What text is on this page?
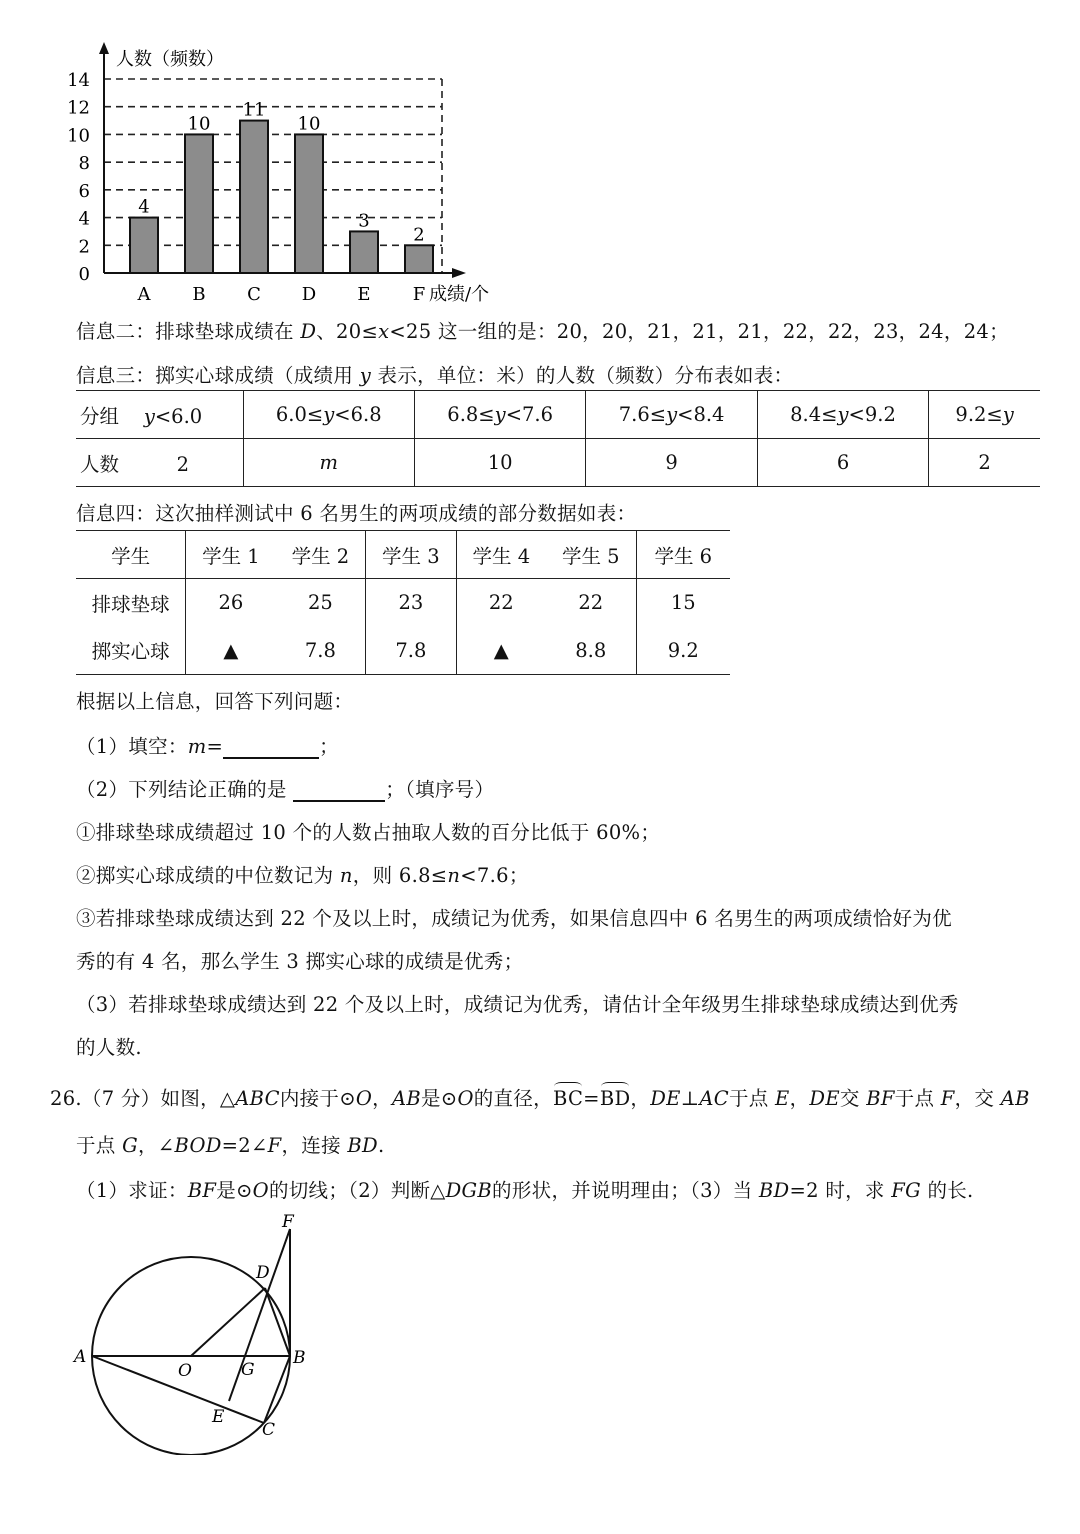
0
2
4
6
8
10
12
14
人数（频数）
4
A
10
B
11
C
10
D
3
E
2
F 成绩/个
信息二：排球垫球成绩在 D、20≤x<25 这一组的是：20，20，21，21，21，22，22，23，24，24；
信息三：掷实心球成绩（成绩用 y 表示，单位：米）的人数（频数）分布表如表：
分组 y<6.0	6.0≤y<6.8	6.8≤y<7.6	7.6≤y<8.4	8.4≤y<9.2	9.2≤y
人数 2	m	10	9	6	2
信息四：这次抽样测试中 6 名男生的两项成绩的部分数据如表：
学生	学生 1	学生 2	学生 3	学生 4	学生 5	学生 6
排球垫球	26	25	23	22	22	15
掷实心球	▲	7.8	7.8	▲	8.8	9.2
根据以上信息，回答下列问题：
（1）填空：m=	；
（2）下列结论正确的是	；（填序号）
①排球垫球成绩超过 10 个的人数占抽取人数的百分比低于 60%；
②掷实心球成绩的中位数记为 n，则 6.8≤n<7.6；
③若排球垫球成绩达到 22 个及以上时，成绩记为优秀，如果信息四中 6 名男生的两项成绩恰好为优
秀的有 4 名，那么学生 3 掷实心球的成绩是优秀；
（3）若排球垫球成绩达到 22 个及以上时，成绩记为优秀，请估计全年级男生排球垫球成绩达到优秀
的人数.
26.（7 分）如图，△ABC内接于⊙O，AB是⊙O的直径，BC=BD，DE⊥AC于点 E，DE交 BF于点 F，交 AB
于点 G，∠BOD=2∠F，连接 BD.
（1）求证：BF是⊙O的切线；（2）判断△DGB的形状，并说明理由；（3）当 BD=2 时，求 FG 的长.
A	B
C
D
E
F
G
O
